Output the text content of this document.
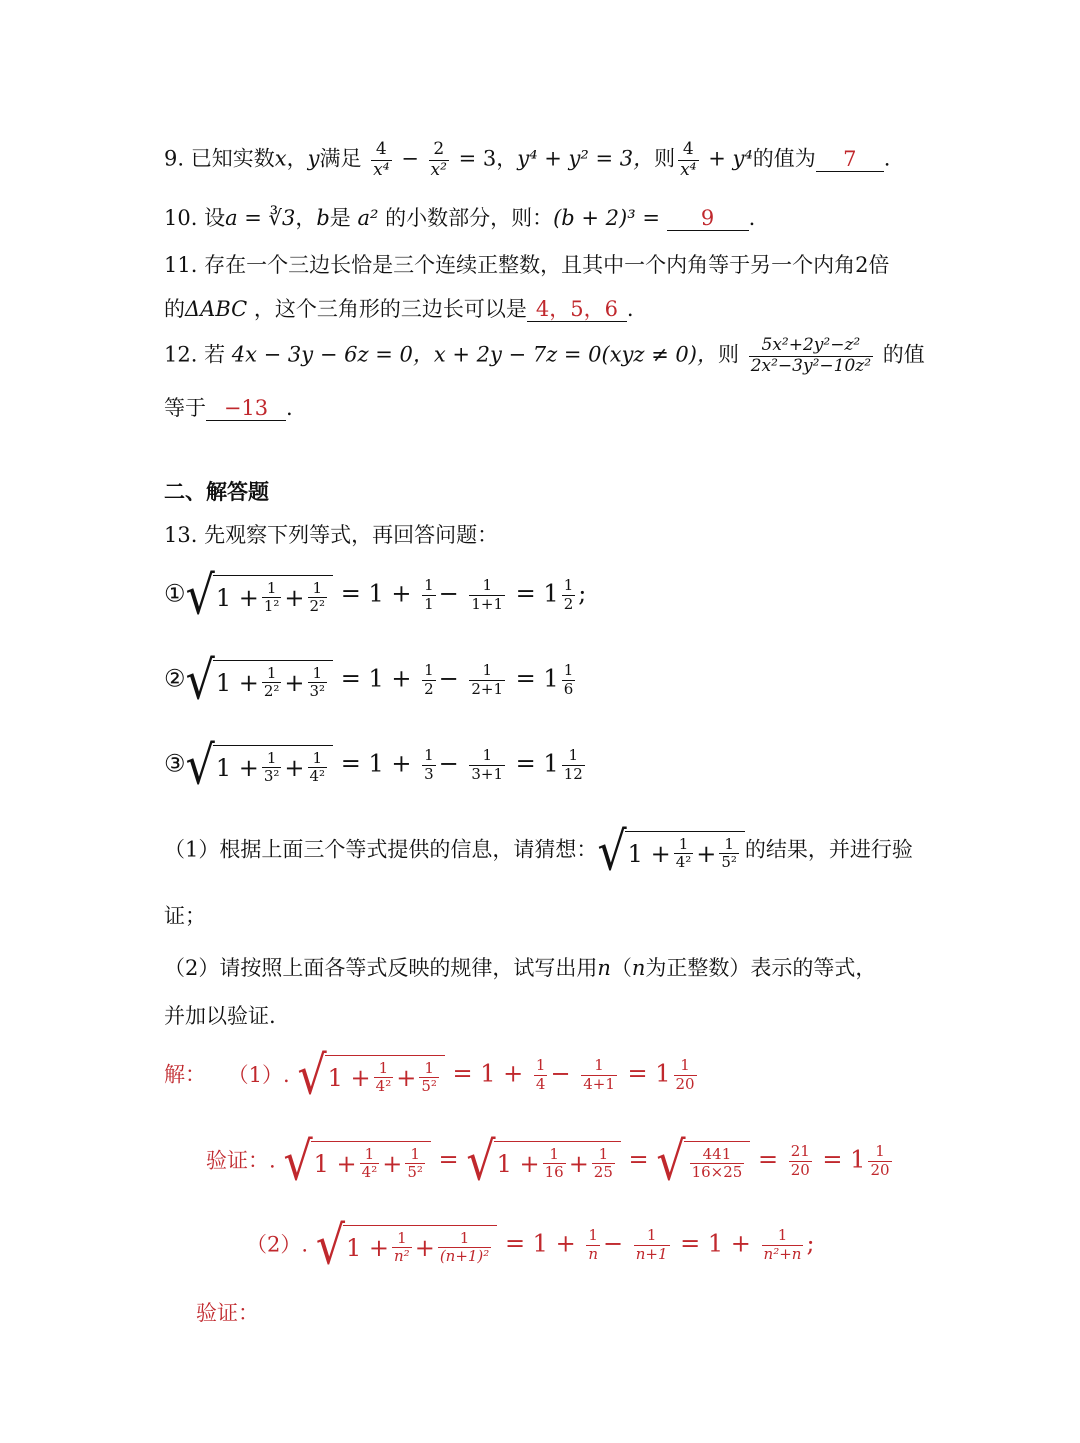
9. 已知实数x，y满足 $\frac{4}{\text{x⁴}} - \frac{2}{\text{x²}} = 3$，y⁴ + y² = 3，则 $\frac{4}{\text{x⁴}} + y^4$的值为 7 .
10. 设a = ∛3，b是 a² 的小数部分，则：(b + 2)³ = 9 .
11. 存在一个三边长恰是三个连续正整数，且其中一个内角等于另一个内角2倍
的ΔABC ，这个三角形的三边长可以是 4，5，6 .
12. 若 4x − 3y − 6z = 0，x + 2y − 7z = 0(xyz ≠ 0)，则 $\frac{\text{5x²+2y²−z²}}{\text{2x²−3y²−10z²}}$ 的值
等于 −13 .
二、解答题
13. 先观察下列等式，再回答问题：
① √ $1 + \frac{1}{\text{1²}} + \frac{1}{\text{2²}} = 1 + \frac{1}{1} - \frac{1}{1+1} = 1 \frac{1}{2}$ ;
② √ $1 + \frac{1}{\text{2²}} + \frac{1}{\text{3²}} = 1 + \frac{1}{2} - \frac{1}{2+1} = 1 \frac{1}{6}$
③ √ $1 + \frac{1}{\text{3²}} + \frac{1}{\text{4²}} = 1 + \frac{1}{3} - \frac{1}{3+1} = 1 \frac{1}{12}$
（1）根据上面三个等式提供的信息，请猜想： √ $1 + \frac{1}{\text{4²}} + \frac{1}{\text{5²}}$ 的结果，并进行验
证；
（2）请按照上面各等式反映的规律，试写出用n（n为正整数）表示的等式，
并加以验证.
解： （1）. √ $1 + \frac{1}{\text{4²}} + \frac{1}{\text{5²}} = 1 + \frac{1}{4} - \frac{1}{4+1} = 1 \frac{1}{20}$
验证：. √ $1 + \frac{1}{\text{4²}} + \frac{1}{\text{5²}}$ = √ $1 + \frac{1}{16} + \frac{1}{25}$ = √ $\frac{441}{16\times 25} = \frac{21}{20} = 1 \frac{1}{20}$
（2）. √ $1 + \frac{1}{\text{n²}} + \frac{1}{\text{(n+1)²}} = 1 + \frac{1}{n} - \frac{1}{n+1} = 1 + \frac{1}{\text{n²+n}}$ ;
验证：
